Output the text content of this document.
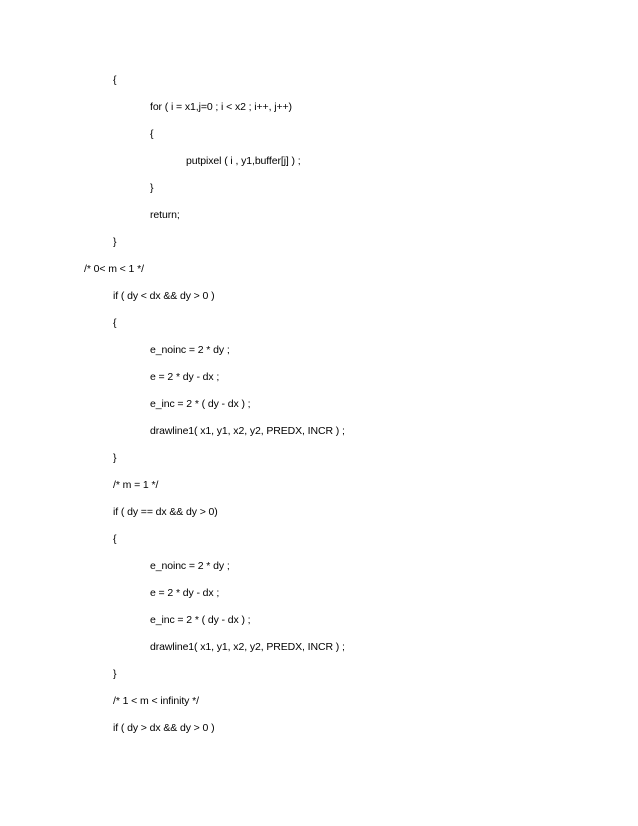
{
for ( i = x1,j=0 ; i < x2 ; i++, j++)
{
putpixel ( i , y1,buffer[j] ) ;
}
return;
}
/* 0< m < 1 */
if ( dy < dx && dy > 0 )
{
e_noinc = 2 * dy ;
e = 2 * dy - dx ;
e_inc = 2 * ( dy - dx ) ;
drawline1( x1, y1, x2, y2, PREDX, INCR ) ;
}
/* m = 1 */
if ( dy == dx && dy > 0)
{
e_noinc = 2 * dy ;
e = 2 * dy - dx ;
e_inc = 2 * ( dy - dx ) ;
drawline1( x1, y1, x2, y2, PREDX, INCR ) ;
}
/* 1 < m < infinity */
if ( dy > dx && dy > 0 )
